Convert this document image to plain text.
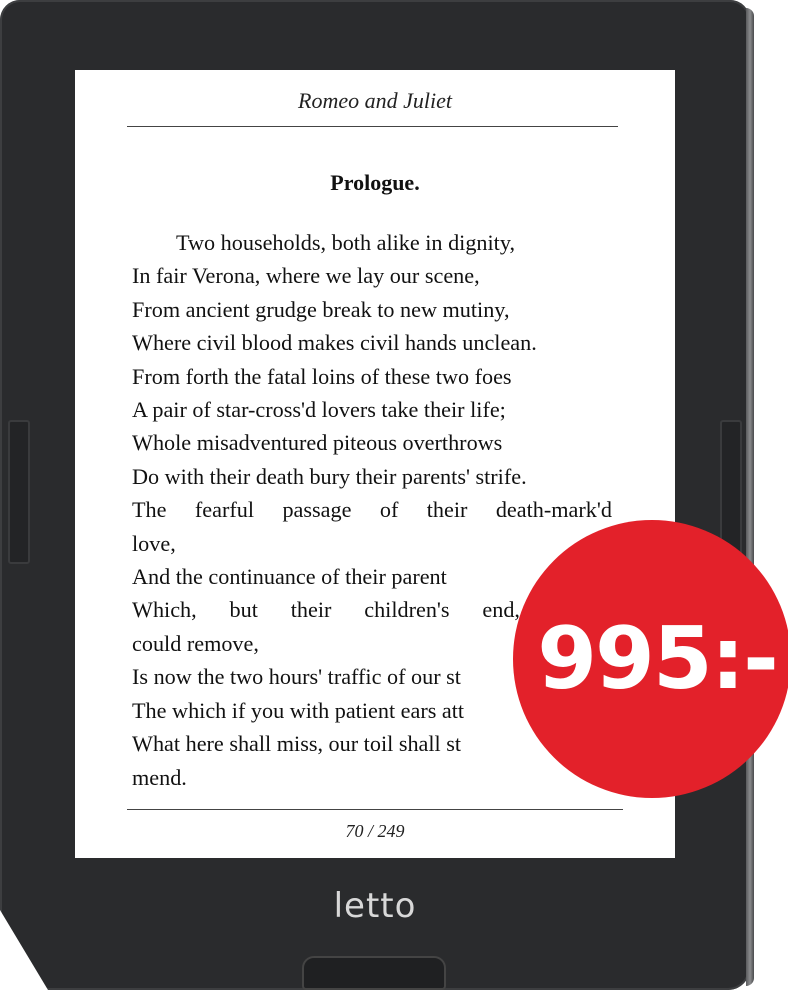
Romeo and Juliet
Prologue.
Two households, both alike in dignity,
In fair Verona, where we lay our scene,
From ancient grudge break to new mutiny,
Where civil blood makes civil hands unclean.
From forth the fatal loins of these two foes
A pair of star-cross'd lovers take their life;
Whole misadventured piteous overthrows
Do with their death bury their parents' strife.
The fearful passage of their death-mark'd
love,
And the continuance of their parent
Which, but their children's end,
could remove,
Is now the two hours' traffic of our st
The which if you with patient ears att
What here shall miss, our toil shall st
mend.
70 / 249
letto
995:-
